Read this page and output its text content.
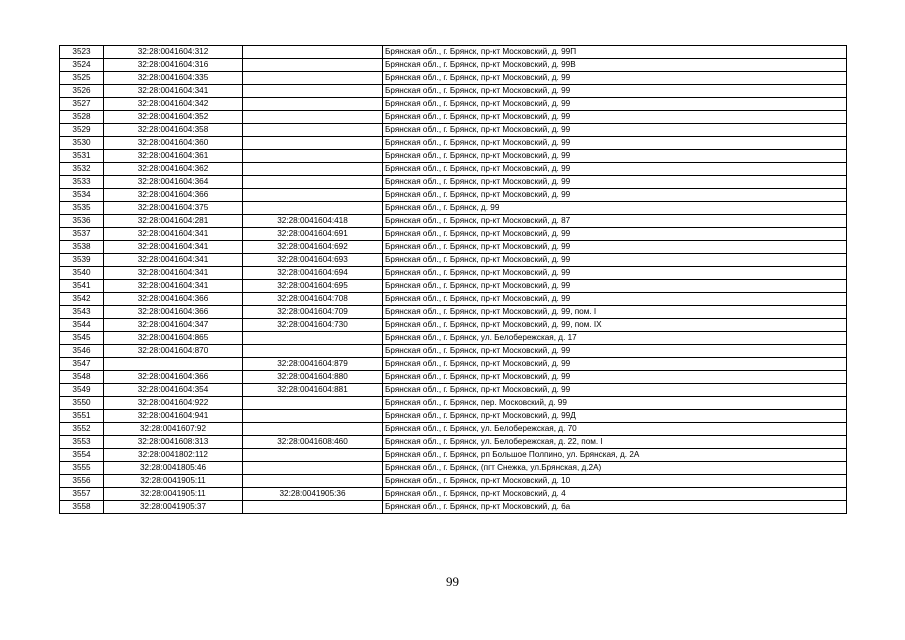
3523	32:28:0041604:312		Брянская обл., г. Брянск, пр-кт Московский, д. 99П
3524	32:28:0041604:316		Брянская обл., г. Брянск, пр-кт Московский, д. 99В
3525	32:28:0041604:335		Брянская обл., г. Брянск, пр-кт Московский, д. 99
3526	32:28:0041604:341		Брянская обл., г. Брянск, пр-кт Московский, д. 99
3527	32:28:0041604:342		Брянская обл., г. Брянск, пр-кт Московский, д. 99
3528	32:28:0041604:352		Брянская обл., г. Брянск, пр-кт Московский, д. 99
3529	32:28:0041604:358		Брянская обл., г. Брянск, пр-кт Московский, д. 99
3530	32:28:0041604:360		Брянская обл., г. Брянск, пр-кт Московский, д. 99
3531	32:28:0041604:361		Брянская обл., г. Брянск, пр-кт Московский, д. 99
3532	32:28:0041604:362		Брянская обл., г. Брянск, пр-кт Московский, д. 99
3533	32:28:0041604:364		Брянская обл., г. Брянск, пр-кт Московский, д. 99
3534	32:28:0041604:366		Брянская обл., г. Брянск, пр-кт Московский, д. 99
3535	32:28:0041604:375		Брянская обл., г. Брянск, д. 99
3536	32:28:0041604:281	32:28:0041604:418	Брянская обл., г. Брянск, пр-кт Московский, д. 87
3537	32:28:0041604:341	32:28:0041604:691	Брянская обл., г. Брянск, пр-кт Московский, д. 99
3538	32:28:0041604:341	32:28:0041604:692	Брянская обл., г. Брянск, пр-кт Московский, д. 99
3539	32:28:0041604:341	32:28:0041604:693	Брянская обл., г. Брянск, пр-кт Московский, д. 99
3540	32:28:0041604:341	32:28:0041604:694	Брянская обл., г. Брянск, пр-кт Московский, д. 99
3541	32:28:0041604:341	32:28:0041604:695	Брянская обл., г. Брянск, пр-кт Московский, д. 99
3542	32:28:0041604:366	32:28:0041604:708	Брянская обл., г. Брянск, пр-кт Московский, д. 99
3543	32:28:0041604:366	32:28:0041604:709	Брянская обл., г. Брянск, пр-кт Московский, д. 99, пом. I
3544	32:28:0041604:347	32:28:0041604:730	Брянская обл., г. Брянск, пр-кт Московский, д. 99, пом. IX
3545	32:28:0041604:865		Брянская обл., г. Брянск, ул. Белобережская, д. 17
3546	32:28:0041604:870		Брянская обл., г. Брянск, пр-кт Московский, д. 99
3547		32:28:0041604:879	Брянская обл., г. Брянск, пр-кт Московский, д. 99
3548	32:28:0041604:366	32:28:0041604:880	Брянская обл., г. Брянск, пр-кт Московский, д. 99
3549	32:28:0041604:354	32:28:0041604:881	Брянская обл., г. Брянск, пр-кт Московский, д. 99
3550	32:28:0041604:922		Брянская обл., г. Брянск, пер. Московский, д. 99
3551	32:28:0041604:941		Брянская обл., г. Брянск, пр-кт Московский, д. 99Д
3552	32:28:0041607:92		Брянская обл., г. Брянск, ул. Белобережская, д. 70
3553	32:28:0041608:313	32:28:0041608:460	Брянская обл., г. Брянск, ул. Белобережская, д. 22, пом. I
3554	32:28:0041802:112		Брянская обл., г. Брянск, рп Большое Полпино, ул. Брянская, д. 2А
3555	32:28:0041805:46		Брянская обл., г. Брянск, (пгт Снежка, ул.Брянская, д.2А)
3556	32:28:0041905:11		Брянская обл., г. Брянск, пр-кт Московский, д. 10
3557	32:28:0041905:11	32:28:0041905:36	Брянская обл., г. Брянск, пр-кт Московский, д. 4
3558	32:28:0041905:37		Брянская обл., г. Брянск, пр-кт Московский, д. 6а
99
